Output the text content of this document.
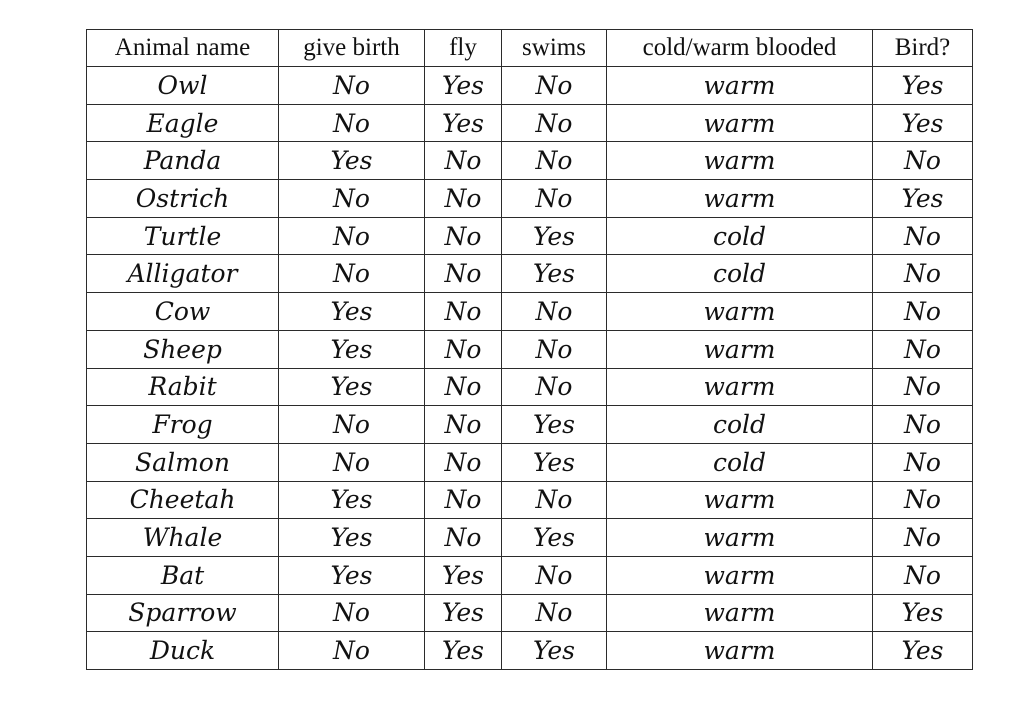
Animal name	give birth	fly	swims	cold/warm blooded	Bird?
Owl	No	Yes	No	warm	Yes
Eagle	No	Yes	No	warm	Yes
Panda	Yes	No	No	warm	No
Ostrich	No	No	No	warm	Yes
Turtle	No	No	Yes	cold	No
Alligator	No	No	Yes	cold	No
Cow	Yes	No	No	warm	No
Sheep	Yes	No	No	warm	No
Rabit	Yes	No	No	warm	No
Frog	No	No	Yes	cold	No
Salmon	No	No	Yes	cold	No
Cheetah	Yes	No	No	warm	No
Whale	Yes	No	Yes	warm	No
Bat	Yes	Yes	No	warm	No
Sparrow	No	Yes	No	warm	Yes
Duck	No	Yes	Yes	warm	Yes
